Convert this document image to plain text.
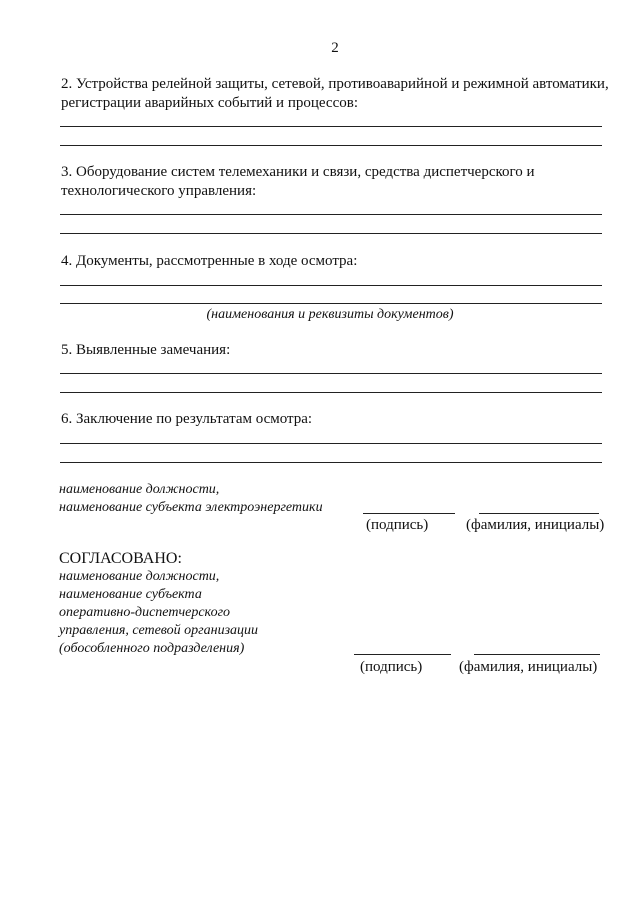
2
2. Устройства релейной защиты, сетевой, противоаварийной и режимной автоматики,
регистрации аварийных событий и процессов:
3. Оборудование систем телемеханики и связи, средства диспетчерского и
технологического управления:
4. Документы, рассмотренные в ходе осмотра:
(наименования и реквизиты документов)
5. Выявленные замечания:
6. Заключение по результатам осмотра:
наименование должности,
наименование субъекта электроэнергетики
(подпись)	(фамилия, инициалы)
СОГЛАСОВАНО:
наименование должности,
наименование субъекта
оперативно-диспетчерского
управления, сетевой организации
(обособленного подразделения)
(подпись) (фамилия, инициалы)
